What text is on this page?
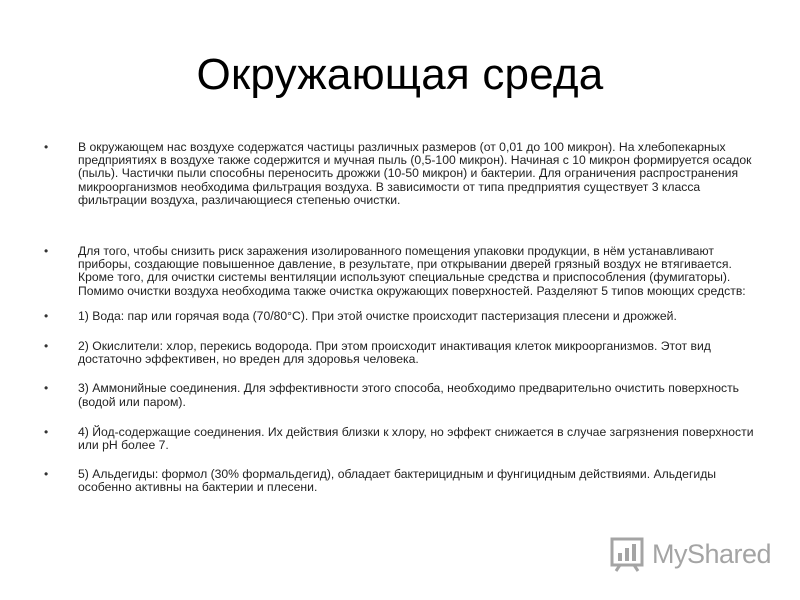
Окружающая среда
• В окружающем нас воздухе содержатся частицы различных размеров (от 0,01 до 100 микрон). На хлебопекарных предприятиях в воздухе также содержится и мучная пыль (0,5-100 микрон). Начиная с 10 микрон формируется осадок (пыль). Частички пыли способны переносить дрожжи (10-50 микрон) и бактерии. Для ограничения распространения микроорганизмов необходима фильтрация воздуха. В зависимости от типа предприятия существует 3 класса фильтрации воздуха, различающиеся степенью очистки.
• Для того, чтобы снизить риск заражения изолированного помещения упаковки продукции, в нём устанавливают приборы, создающие повышенное давление, в результате, при открывании дверей грязный воздух не втягивается. Кроме того, для очистки системы вентиляции используют специальные средства и приспособления (фумигаторы). Помимо очистки воздуха необходима также очистка окружающих поверхностей. Разделяют 5 типов моющих средств:
• 1) Вода: пар или горячая вода (70/80°С). При этой очистке происходит пастеризация плесени и дрожжей.
• 2) Окислители: хлор, перекись водорода. При этом происходит инактивация клеток микроорганизмов. Этот вид достаточно эффективен, но вреден для здоровья человека.
• 3) Аммонийные соединения. Для эффективности этого способа, необходимо предварительно очистить поверхность (водой или паром).
• 4) Йод-содержащие соединения. Их действия близки к хлору, но эффект снижается в случае загрязнения поверхности или рН более 7.
• 5) Альдегиды: формол (30% формальдегид), обладает бактерицидным и фунгицидным действиями. Альдегиды особенно активны на бактерии и плесени.
MyShared
